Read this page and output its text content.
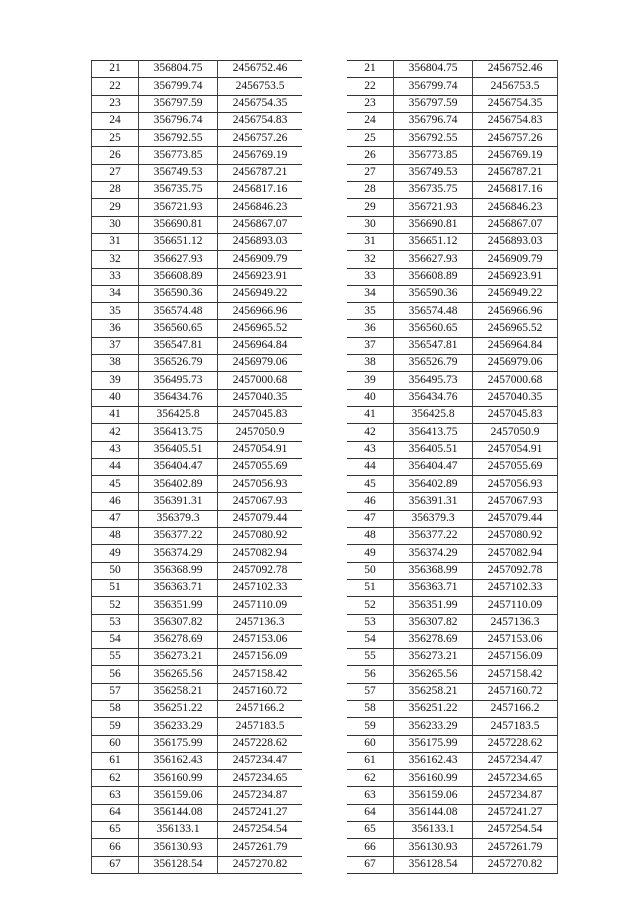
21	356804.75	2456752.46
22	356799.74	2456753.5
23	356797.59	2456754.35
24	356796.74	2456754.83
25	356792.55	2456757.26
26	356773.85	2456769.19
27	356749.53	2456787.21
28	356735.75	2456817.16
29	356721.93	2456846.23
30	356690.81	2456867.07
31	356651.12	2456893.03
32	356627.93	2456909.79
33	356608.89	2456923.91
34	356590.36	2456949.22
35	356574.48	2456966.96
36	356560.65	2456965.52
37	356547.81	2456964.84
38	356526.79	2456979.06
39	356495.73	2457000.68
40	356434.76	2457040.35
41	356425.8	2457045.83
42	356413.75	2457050.9
43	356405.51	2457054.91
44	356404.47	2457055.69
45	356402.89	2457056.93
46	356391.31	2457067.93
47	356379.3	2457079.44
48	356377.22	2457080.92
49	356374.29	2457082.94
50	356368.99	2457092.78
51	356363.71	2457102.33
52	356351.99	2457110.09
53	356307.82	2457136.3
54	356278.69	2457153.06
55	356273.21	2457156.09
56	356265.56	2457158.42
57	356258.21	2457160.72
58	356251.22	2457166.2
59	356233.29	2457183.5
60	356175.99	2457228.62
61	356162.43	2457234.47
62	356160.99	2457234.65
63	356159.06	2457234.87
64	356144.08	2457241.27
65	356133.1	2457254.54
66	356130.93	2457261.79
67	356128.54	2457270.82
21	356804.75	2456752.46
22	356799.74	2456753.5
23	356797.59	2456754.35
24	356796.74	2456754.83
25	356792.55	2456757.26
26	356773.85	2456769.19
27	356749.53	2456787.21
28	356735.75	2456817.16
29	356721.93	2456846.23
30	356690.81	2456867.07
31	356651.12	2456893.03
32	356627.93	2456909.79
33	356608.89	2456923.91
34	356590.36	2456949.22
35	356574.48	2456966.96
36	356560.65	2456965.52
37	356547.81	2456964.84
38	356526.79	2456979.06
39	356495.73	2457000.68
40	356434.76	2457040.35
41	356425.8	2457045.83
42	356413.75	2457050.9
43	356405.51	2457054.91
44	356404.47	2457055.69
45	356402.89	2457056.93
46	356391.31	2457067.93
47	356379.3	2457079.44
48	356377.22	2457080.92
49	356374.29	2457082.94
50	356368.99	2457092.78
51	356363.71	2457102.33
52	356351.99	2457110.09
53	356307.82	2457136.3
54	356278.69	2457153.06
55	356273.21	2457156.09
56	356265.56	2457158.42
57	356258.21	2457160.72
58	356251.22	2457166.2
59	356233.29	2457183.5
60	356175.99	2457228.62
61	356162.43	2457234.47
62	356160.99	2457234.65
63	356159.06	2457234.87
64	356144.08	2457241.27
65	356133.1	2457254.54
66	356130.93	2457261.79
67	356128.54	2457270.82
